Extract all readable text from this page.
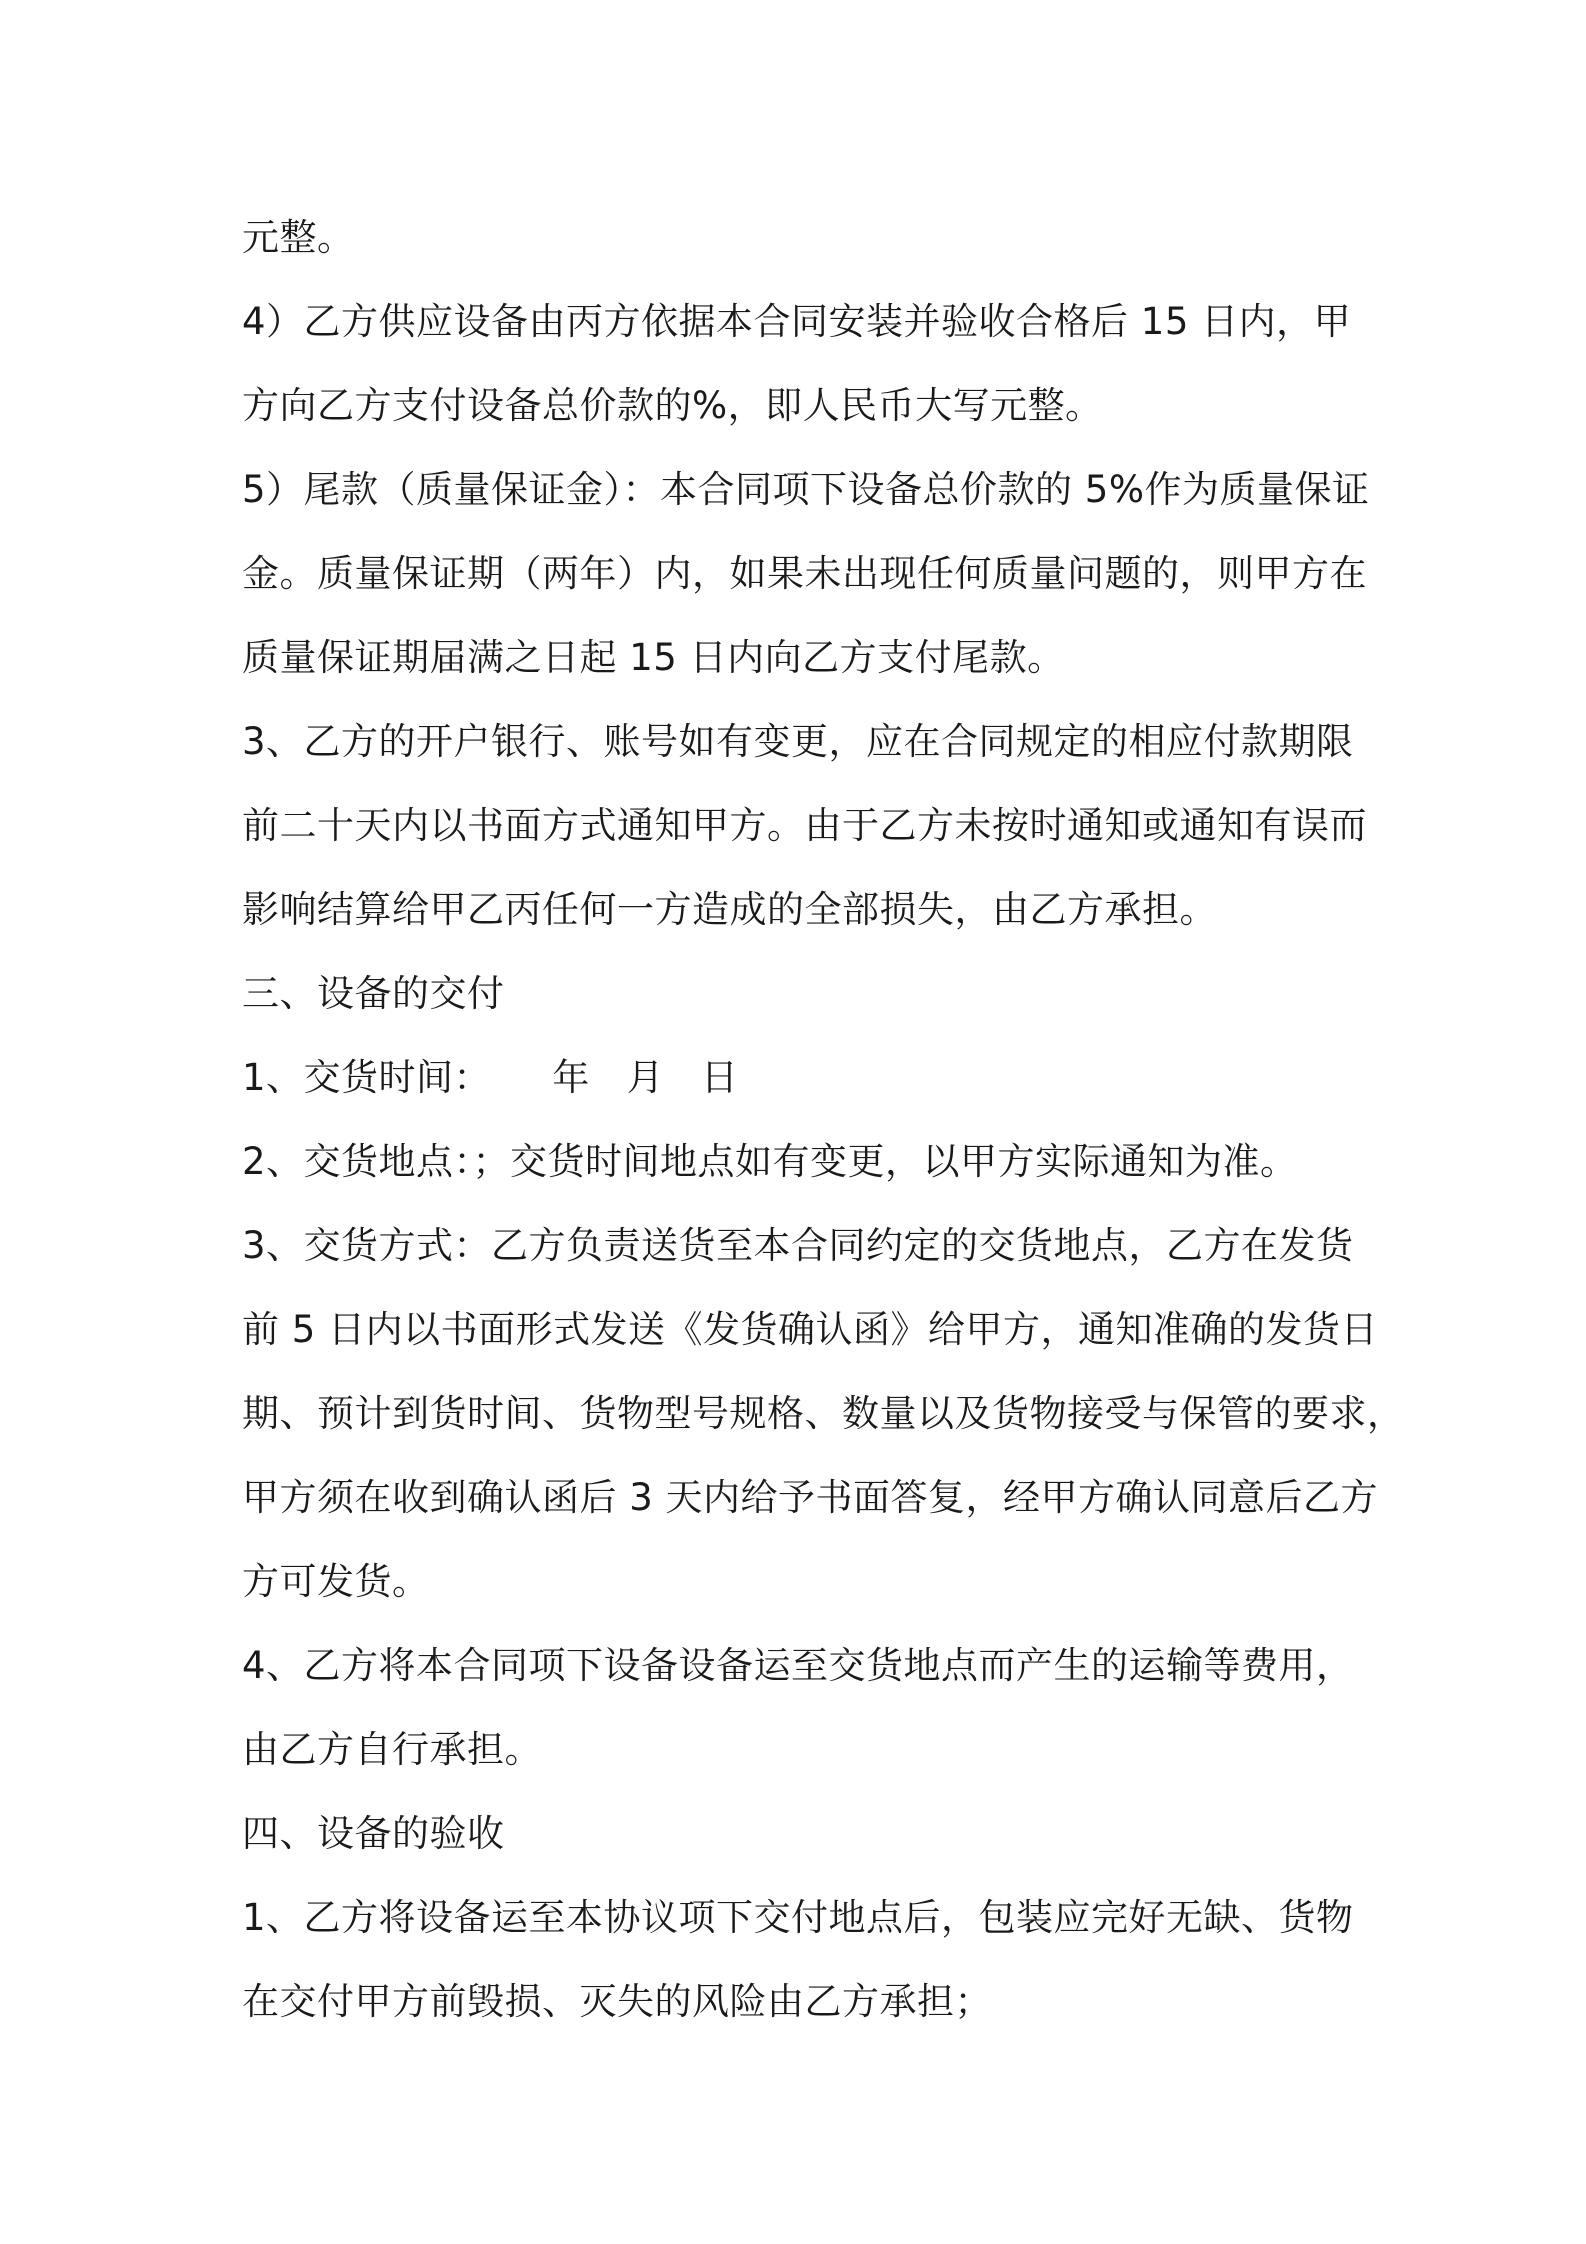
元整。
4）乙方供应设备由丙方依据本合同安装并验收合格后 15 日内，甲
方向乙方支付设备总价款的%，即人民币大写元整。
5）尾款（质量保证金）：本合同项下设备总价款的 5%作为质量保证
金。质量保证期（两年）内，如果未出现任何质量问题的，则甲方在
质量保证期届满之日起 15 日内向乙方支付尾款。
3、乙方的开户银行、账号如有变更，应在合同规定的相应付款期限
前二十天内以书面方式通知甲方。由于乙方未按时通知或通知有误而
影响结算给甲乙丙任何一方造成的全部损失，由乙方承担。
三、设备的交付
1、交货时间：     年   月   日
2、交货地点：；交货时间地点如有变更，以甲方实际通知为准。
3、交货方式：乙方负责送货至本合同约定的交货地点，乙方在发货
前 5 日内以书面形式发送《发货确认函》给甲方，通知准确的发货日
期、预计到货时间、货物型号规格、数量以及货物接受与保管的要求，
甲方须在收到确认函后 3 天内给予书面答复，经甲方确认同意后乙方
方可发货。
4、乙方将本合同项下设备设备运至交货地点而产生的运输等费用，
由乙方自行承担。
四、设备的验收
1、乙方将设备运至本协议项下交付地点后，包装应完好无缺、货物
在交付甲方前毁损、灭失的风险由乙方承担；
